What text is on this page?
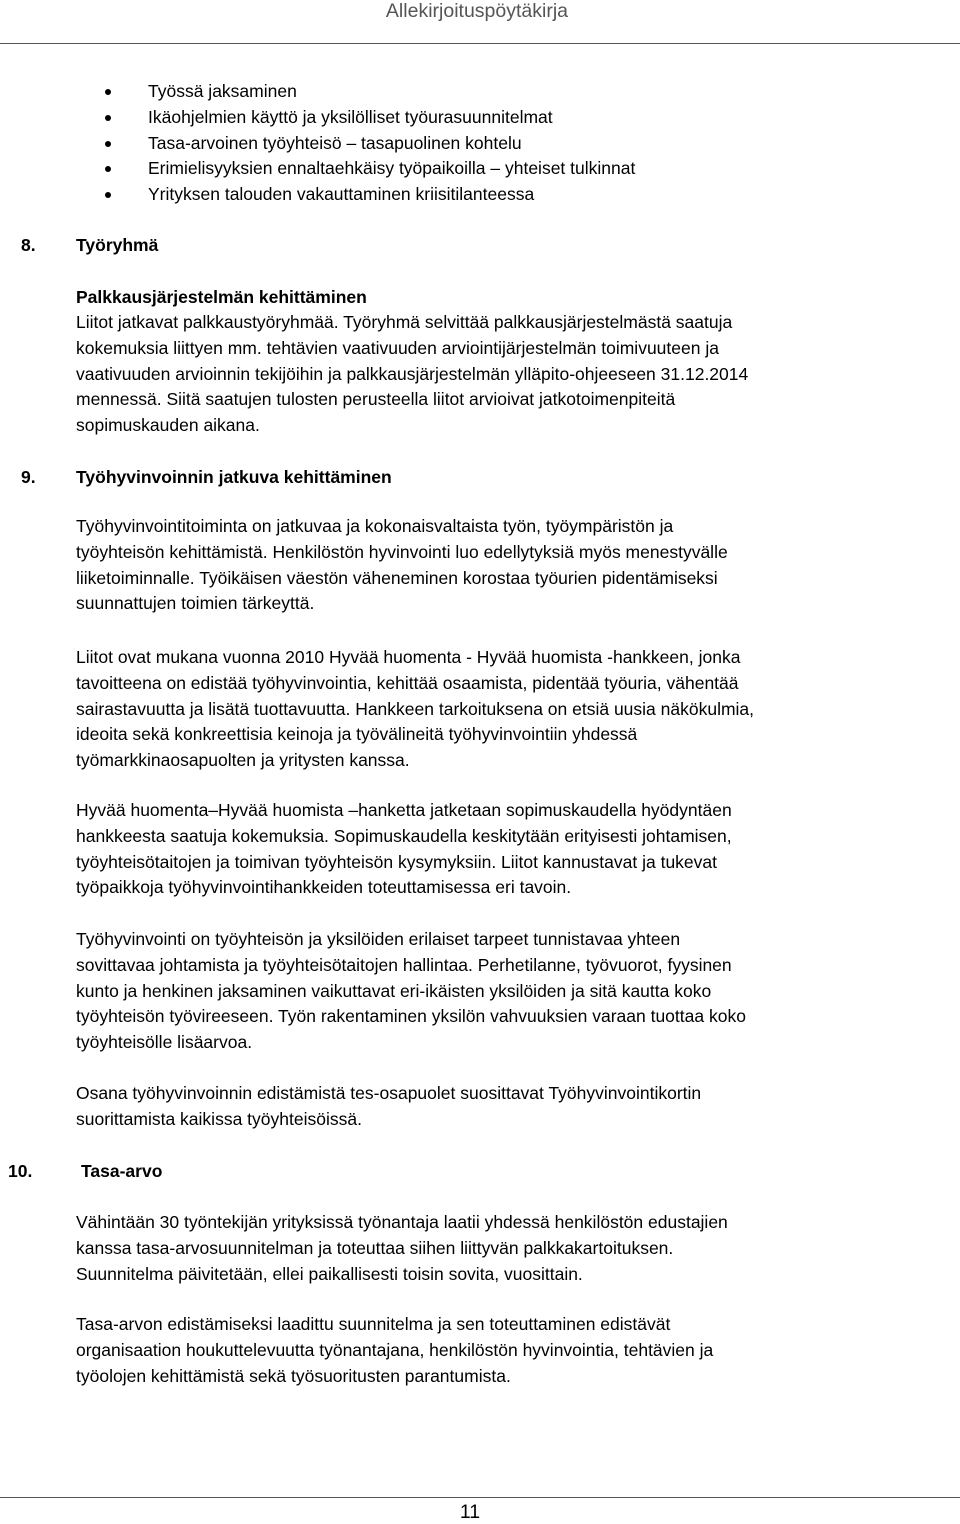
Allekirjoituspöytäkirja
Työssä jaksaminen
Ikäohjelmien käyttö ja yksilölliset työurasuunnitelmat
Tasa-arvoinen työyhteisö – tasapuolinen kohtelu
Erimielisyyksien ennaltaehkäisy työpaikoilla – yhteiset tulkinnat
Yrityksen talouden vakauttaminen kriisitilanteessa
8. Työryhmä
Palkkausjärjestelmän kehittäminen
Liitot jatkavat palkkaustyöryhmää. Työryhmä selvittää palkkausjärjestelmästä saatuja
kokemuksia liittyen mm. tehtävien vaativuuden arviointijärjestelmän toimivuuteen ja
vaativuuden arvioinnin tekijöihin ja palkkausjärjestelmän ylläpito-ohjeeseen 31.12.2014
mennessä. Siitä saatujen tulosten perusteella liitot arvioivat jatkotoimenpiteitä
sopimuskauden aikana.
9. Työhyvinvoinnin jatkuva kehittäminen
Työhyvinvointitoiminta on jatkuvaa ja kokonaisvaltaista työn, työympäristön ja
työyhteisön kehittämistä. Henkilöstön hyvinvointi luo edellytyksiä myös menestyvälle
liiketoiminnalle. Työikäisen väestön väheneminen korostaa työurien pidentämiseksi
suunnattujen toimien tärkeyttä.
Liitot ovat mukana vuonna 2010 Hyvää huomenta - Hyvää huomista -hankkeen, jonka
tavoitteena on edistää työhyvinvointia, kehittää osaamista, pidentää työuria, vähentää
sairastavuutta ja lisätä tuottavuutta. Hankkeen tarkoituksena on etsiä uusia näkökulmia,
ideoita sekä konkreettisia keinoja ja työvälineitä työhyvinvointiin yhdessä
työmarkkinaosapuolten ja yritysten kanssa.
Hyvää huomenta–Hyvää huomista –hanketta jatketaan sopimuskaudella hyödyntäen
hankkeesta saatuja kokemuksia. Sopimuskaudella keskitytään erityisesti johtamisen,
työyhteisötaitojen ja toimivan työyhteisön kysymyksiin. Liitot kannustavat ja tukevat
työpaikkoja työhyvinvointihankkeiden toteuttamisessa eri tavoin.
Työhyvinvointi on työyhteisön ja yksilöiden erilaiset tarpeet tunnistavaa yhteen
sovittavaa johtamista ja työyhteisötaitojen hallintaa. Perhetilanne, työvuorot, fyysinen
kunto ja henkinen jaksaminen vaikuttavat eri-ikäisten yksilöiden ja sitä kautta koko
työyhteisön työvireeseen. Työn rakentaminen yksilön vahvuuksien varaan tuottaa koko
työyhteisölle lisäarvoa.
Osana työhyvinvoinnin edistämistä tes-osapuolet suosittavat Työhyvinvointikortin
suorittamista kaikissa työyhteisöissä.
10.	Tasa-arvo
Vähintään 30 työntekijän yrityksissä työnantaja laatii yhdessä henkilöstön edustajien
kanssa tasa-arvosuunnitelman ja toteuttaa siihen liittyvän palkkakartoituksen.
Suunnitelma päivitetään, ellei paikallisesti toisin sovita, vuosittain.
Tasa-arvon edistämiseksi laadittu suunnitelma ja sen toteuttaminen edistävät
organisaation houkuttelevuutta työnantajana, henkilöstön hyvinvointia, tehtävien ja
työolojen kehittämistä sekä työsuoritusten parantumista.
11
